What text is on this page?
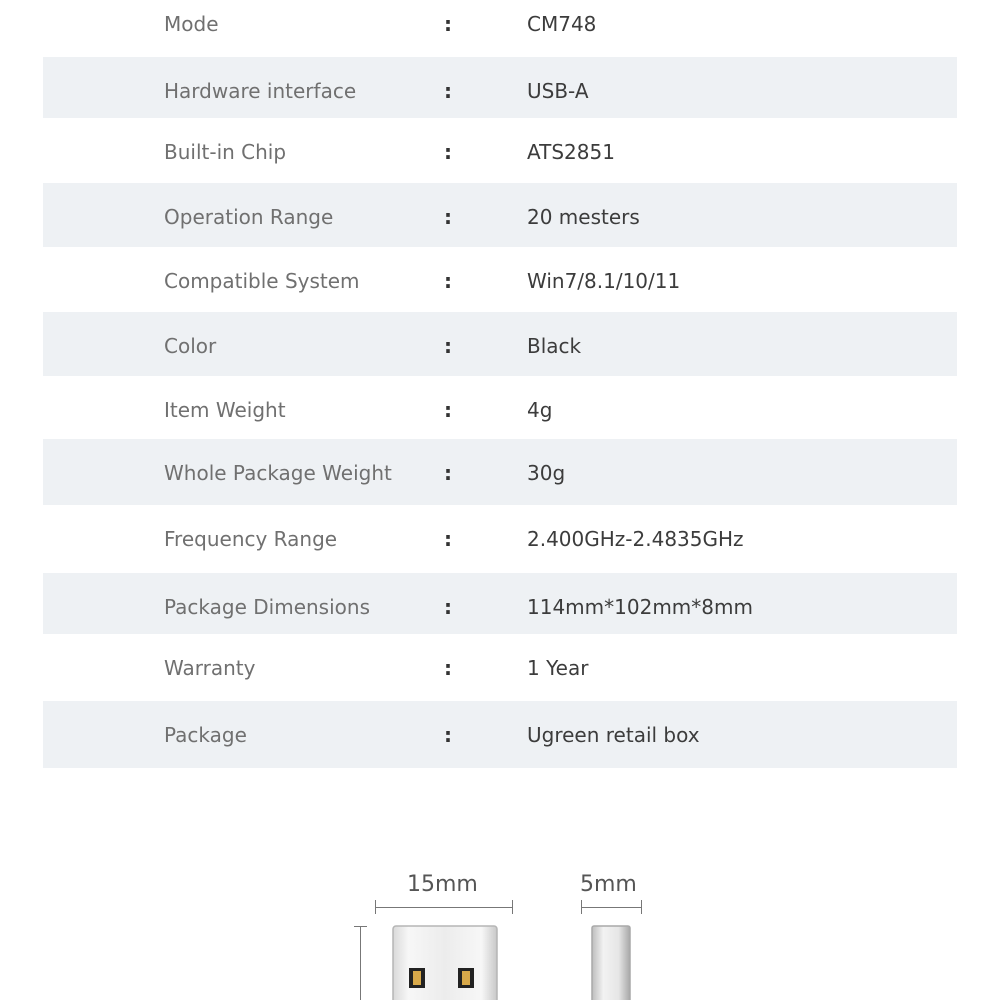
Mode	:	CM748
Hardware interface	:	USB-A
Built-in Chip	:	ATS2851
Operation Range	:	20 mesters
Compatible System	:	Win7/8.1/10/11
Color	:	Black
Item Weight	:	4g
Whole Package Weight	:	30g
Frequency Range	:	2.400GHz-2.4835GHz
Package Dimensions	:	114mm*102mm*8mm
Warranty	:	1 Year
Package	:	Ugreen retail box
15mm	5mm
